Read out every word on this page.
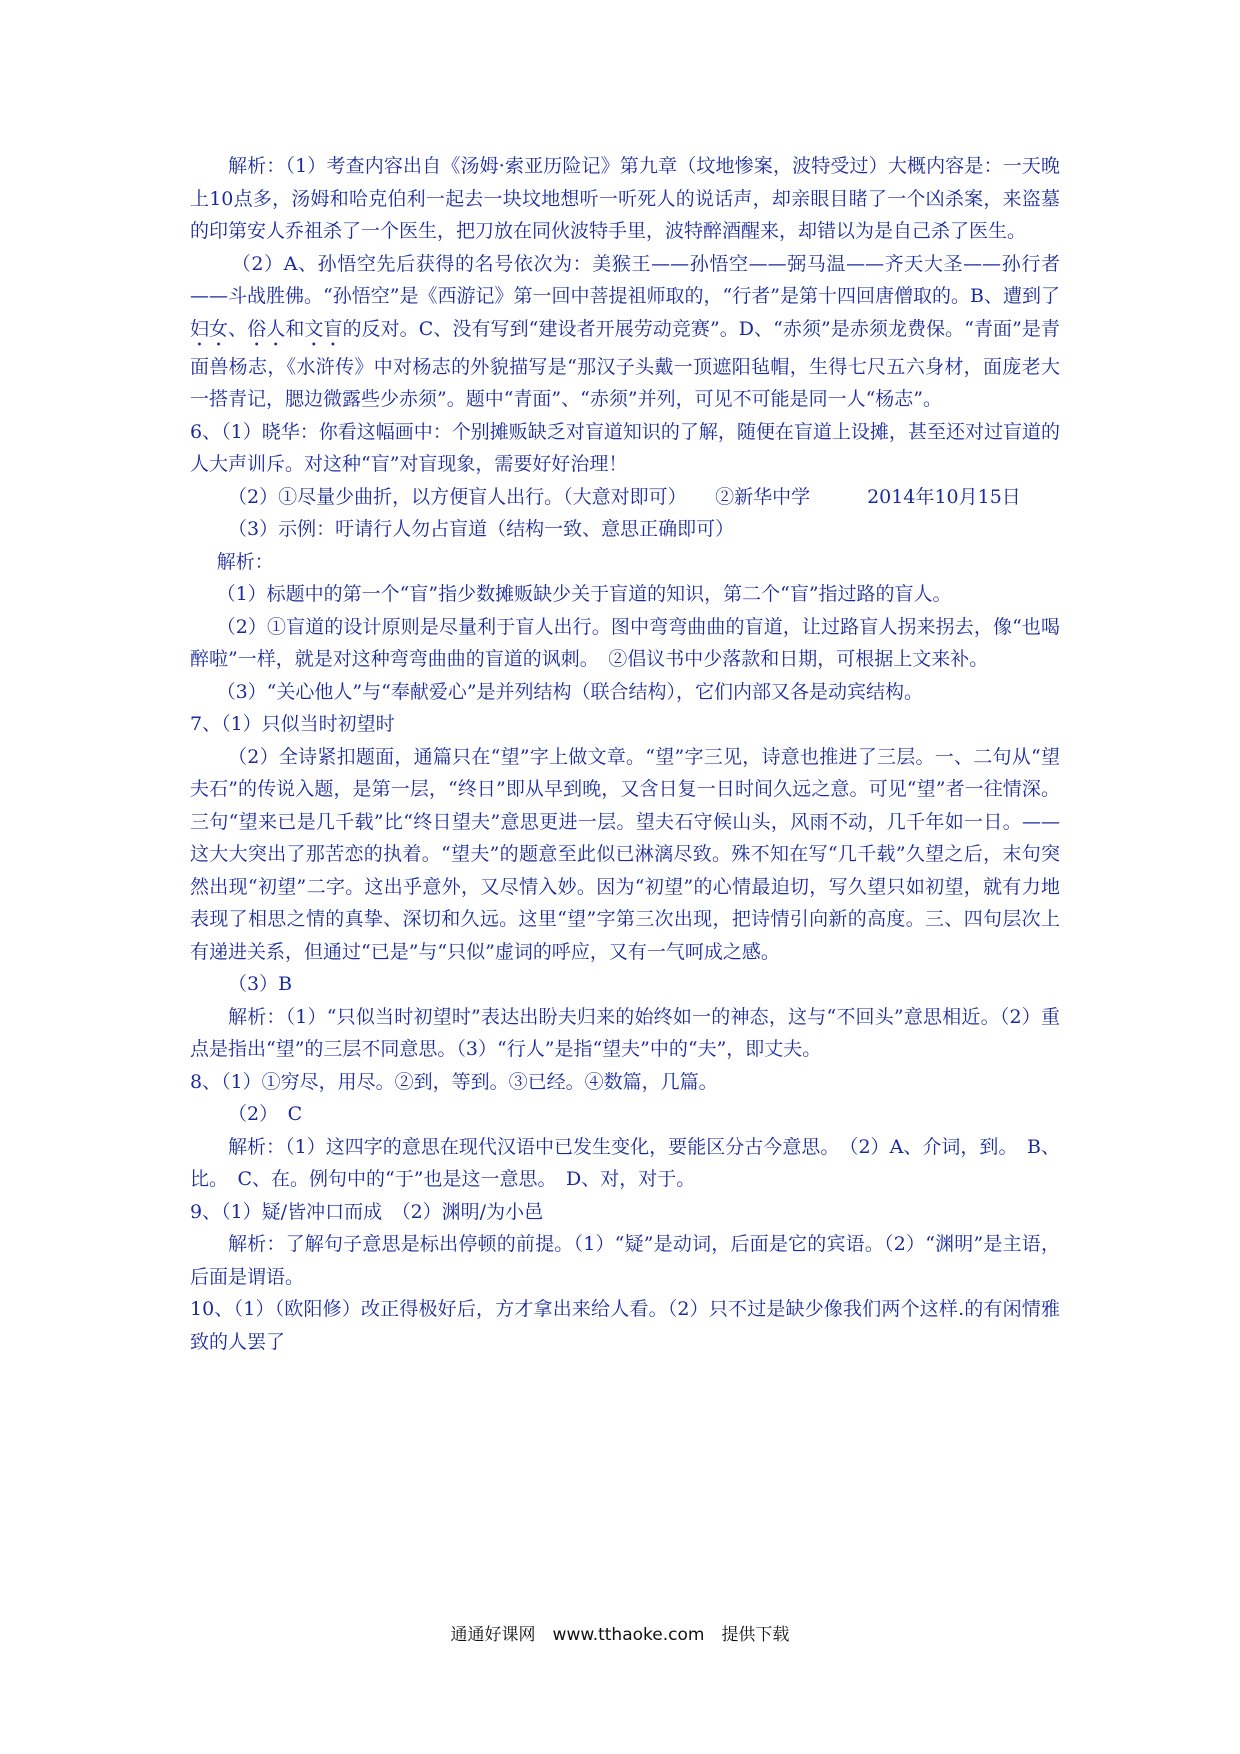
解析：（1）考查内容出自《汤姆·索亚历险记》第九章（坟地惨案，波特受过）大概内容是：一天晚上10点多，汤姆和哈克伯利一起去一块坟地想听一听死人的说话声，却亲眼目睹了一个凶杀案，来盗墓的印第安人乔祖杀了一个医生，把刀放在同伙波特手里，波特醉酒醒来，却错以为是自己杀了医生。

（2）A、孙悟空先后获得的名号依次为：美猴王——孙悟空——弼马温——齐天大圣——孙行者——斗战胜佛。“孙悟空”是《西游记》第一回中菩提祖师取的，“行者”是第十四回唐僧取的。B、遭到了妇女、俗人和文盲的反对。C、没有写到“建设者开展劳动竞赛”。D、“赤须”是赤须龙费保。“青面”是青面兽杨志，《水浒传》中对杨志的外貌描写是“那汉子头戴一顶遮阳毡帽，生得七尺五六身材，面庞老大一搭青记，腮边微露些少赤须”。题中“青面”、“赤须”并列，可见不可能是同一人“杨志”。

6、（1）晓华：你看这幅画中：个别摊贩缺乏对盲道知识的了解，随便在盲道上设摊，甚至还对过盲道的人大声训斥。对这种“盲”对盲现象，需要好好治理！

（2）①尽量少曲折，以方便盲人出行。（大意对即可）　　②新华中学　　　2014年10月15日

（3）示例：吁请行人勿占盲道（结构一致、意思正确即可）

解析：

（1）标题中的第一个“盲”指少数摊贩缺少关于盲道的知识，第二个“盲”指过路的盲人。

（2）①盲道的设计原则是尽量利于盲人出行。图中弯弯曲曲的盲道，让过路盲人拐来拐去，像“也喝醉啦”一样，就是对这种弯弯曲曲的盲道的讽刺。　②倡议书中少落款和日期，可根据上文来补。

（3）“关心他人”与“奉献爱心”是并列结构（联合结构），它们内部又各是动宾结构。

7、（1）只似当时初望时

（2）全诗紧扣题面，通篇只在“望”字上做文章。“望”字三见，诗意也推进了三层。一、二句从“望夫石”的传说入题，是第一层，“终日”即从早到晚，又含日复一日时间久远之意。可见“望”者一往情深。三句“望来已是几千载”比“终日望夫”意思更进一层。望夫石守候山头，风雨不动，几千年如一日。——这大大突出了那苦恋的执着。“望夫”的题意至此似已淋漓尽致。殊不知在写“几千载”久望之后，末句突然出现“初望”二字。这出乎意外，又尽情入妙。因为“初望”的心情最迫切，写久望只如初望，就有力地表现了相思之情的真挚、深切和久远。这里“望”字第三次出现，把诗情引向新的高度。三、四句层次上有递进关系，但通过“已是”与“只似”虚词的呼应，又有一气呵成之感。

（3）B

解析：（1）“只似当时初望时”表达出盼夫归来的始终如一的神态，这与“不回头”意思相近。（2）重点是指出“望”的三层不同意思。（3）“行人”是指“望夫”中的“夫”，即丈夫。

8、（1）①穷尽，用尽。②到，等到。③已经。④数篇，几篇。

（2）　C

解析：（1）这四字的意思在现代汉语中已发生变化，要能区分古今意思。　（2）A、介词，到。　B、比。　C、在。例句中的“于”也是这一意思。　D、对，对于。

9、（1）疑/皆冲口而成　（2）渊明/为小邑

解析：了解句子意思是标出停顿的前提。（1）“疑”是动词，后面是它的宾语。（2）“渊明”是主语，后面是谓语。

10、（1）（欧阳修）改正得极好后，方才拿出来给人看。（2）只不过是缺少像我们两个这样.的有闲情雅致的人罢了

通通好课网　www.tthaoke.com　提供下载
